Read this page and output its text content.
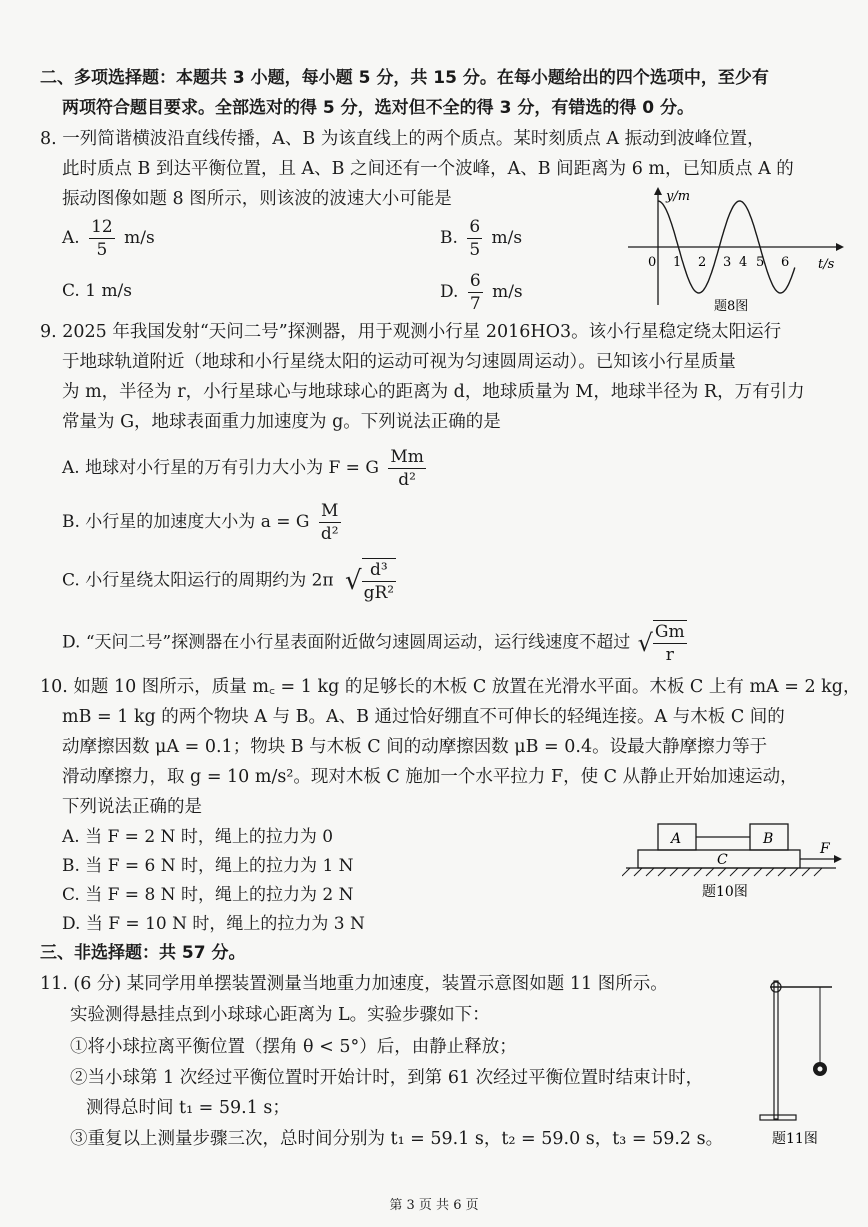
二、多项选择题：本题共 3 小题，每小题 5 分，共 15 分。在每小题给出的四个选项中，至少有
两项符合题目要求。全部选对的得 5 分，选对但不全的得 3 分，有错选的得 0 分。
8. 一列简谐横波沿直线传播，A、B 为该直线上的两个质点。某时刻质点 A 振动到波峰位置，
此时质点 B 到达平衡位置，且 A、B 之间还有一个波峰，A、B 间距离为 6 m，已知质点 A 的
振动图像如题 8 图所示，则该波的波速大小可能是
A. $\frac{12}{5} m/s$	B. $\frac{6}{5} m/s$
C. 1 m/s	D. $\frac{6}{7} m/s$
y/m
t/s
0 1 2 3 4 5 6
题8图
9. 2025 年我国发射“天问二号”探测器，用于观测小行星 2016HO3。该小行星稳定绕太阳运行
于地球轨道附近（地球和小行星绕太阳的运动可视为匀速圆周运动）。已知该小行星质量
为 m，半径为 r，小行星球心与地球球心的距离为 d，地球质量为 M，地球半径为 R，万有引力
常量为 G，地球表面重力加速度为 g。下列说法正确的是
A. 地球对小行星的万有引力大小为 F = G $\frac{Mm}{\text{d²}}$
B. 小行星的加速度大小为 a = G $\frac{M}{\text{d²}}$
C. 小行星绕太阳运行的周期约为 2π √ $\frac{\text{d³}}{\text{gR²}}$
D. “天问二号”探测器在小行星表面附近做匀速圆周运动，运行线速度不超过 √ $\frac{Gm}{r}$
10. 如题 10 图所示，质量 m꜀ = 1 kg 的足够长的木板 C 放置在光滑水平面。木板 C 上有 mA = 2 kg，
mB = 1 kg 的两个物块 A 与 B。A、B 通过恰好绷直不可伸长的轻绳连接。A 与木板 C 间的
动摩擦因数 μA = 0.1；物块 B 与木板 C 间的动摩擦因数 μB = 0.4。设最大静摩擦力等于
滑动摩擦力，取 g = 10 m/s²。现对木板 C 施加一个水平拉力 F，使 C 从静止开始加速运动，
下列说法正确的是
A. 当 F = 2 N 时，绳上的拉力为 0
B. 当 F = 6 N 时，绳上的拉力为 1 N
C. 当 F = 8 N 时，绳上的拉力为 2 N
D. 当 F = 10 N 时，绳上的拉力为 3 N
A	B
C
F
题10图
三、非选择题：共 57 分。
11. (6 分) 某同学用单摆装置测量当地重力加速度，装置示意图如题 11 图所示。
实验测得悬挂点到小球球心距离为 L。实验步骤如下：
①将小球拉离平衡位置（摆角 θ < 5°）后，由静止释放；
②当小球第 1 次经过平衡位置时开始计时，到第 61 次经过平衡位置时结束计时，
测得总时间 t₁ = 59.1 s；
③重复以上测量步骤三次，总时间分别为 t₁ = 59.1 s，t₂ = 59.0 s，t₃ = 59.2 s。	题11图
第 3 页 共 6 页
